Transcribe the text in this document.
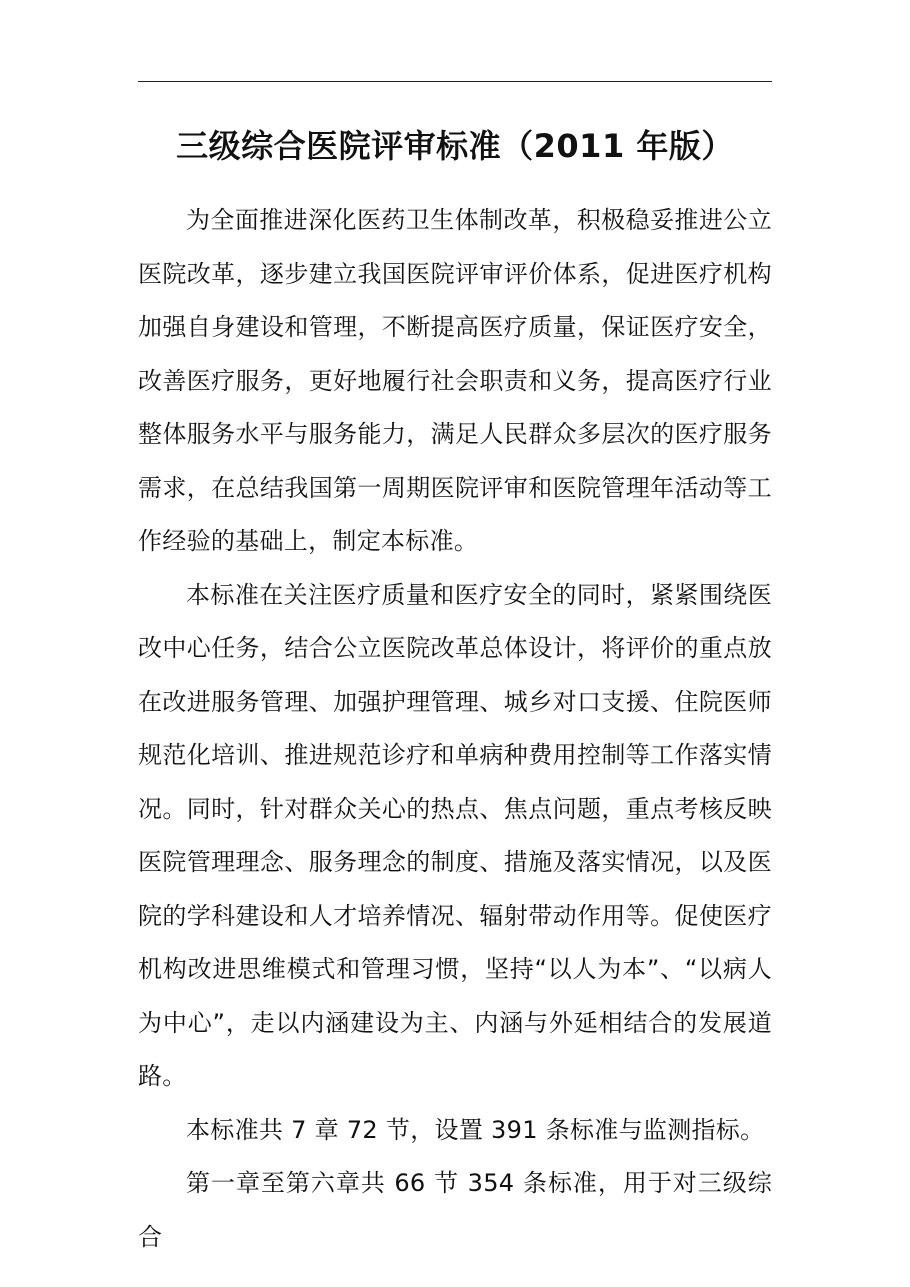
三级综合医院评审标准（2011 年版）

为全面推进深化医药卫生体制改革，积极稳妥推进公立医院改革，逐步建立我国医院评审评价体系，促进医疗机构加强自身建设和管理，不断提高医疗质量，保证医疗安全，改善医疗服务，更好地履行社会职责和义务，提高医疗行业整体服务水平与服务能力，满足人民群众多层次的医疗服务需求，在总结我国第一周期医院评审和医院管理年活动等工作经验的基础上，制定本标准。

本标准在关注医疗质量和医疗安全的同时，紧紧围绕医改中心任务，结合公立医院改革总体设计，将评价的重点放在改进服务管理、加强护理管理、城乡对口支援、住院医师规范化培训、推进规范诊疗和单病种费用控制等工作落实情况。同时，针对群众关心的热点、焦点问题，重点考核反映医院管理理念、服务理念的制度、措施及落实情况，以及医院的学科建设和人才培养情况、辐射带动作用等。促使医疗机构改进思维模式和管理习惯，坚持“以人为本”、“以病人为中心”，走以内涵建设为主、内涵与外延相结合的发展道路。

本标准共 7 章 72 节，设置 391 条标准与监测指标。

第一章至第六章共 66 节 354 条标准，用于对三级综合
